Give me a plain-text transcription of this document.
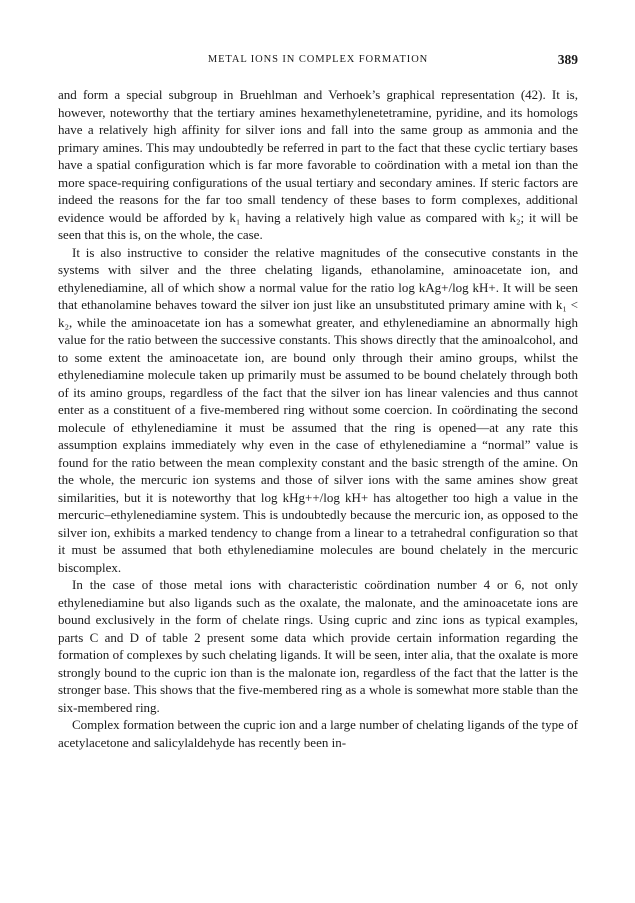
METAL IONS IN COMPLEX FORMATION	389

and form a special subgroup in Bruehlman and Verhoek’s graphical representation (42). It is, however, noteworthy that the tertiary amines hexamethylenetetramine, pyridine, and its homologs have a relatively high affinity for silver ions and fall into the same group as ammonia and the primary amines. This may undoubtedly be referred in part to the fact that these cyclic tertiary bases have a spatial configuration which is far more favorable to coördination with a metal ion than the more space-requiring configurations of the usual tertiary and secondary amines. If steric factors are indeed the reasons for the far too small tendency of these bases to form complexes, additional evidence would be afforded by k₁ having a relatively high value as compared with k₂; it will be seen that this is, on the whole, the case.

It is also instructive to consider the relative magnitudes of the consecutive constants in the systems with silver and the three chelating ligands, ethanolamine, aminoacetate ion, and ethylenediamine, all of which show a normal value for the ratio log kAg+/log kH+. It will be seen that ethanolamine behaves toward the silver ion just like an unsubstituted primary amine with k₁ < k₂, while the aminoacetate ion has a somewhat greater, and ethylenediamine an abnormally high value for the ratio between the successive constants. This shows directly that the aminoalcohol, and to some extent the aminoacetate ion, are bound only through their amino groups, whilst the ethylenediamine molecule taken up primarily must be assumed to be bound chelately through both of its amino groups, regardless of the fact that the silver ion has linear valencies and thus cannot enter as a constituent of a five-membered ring without some coercion. In coördinating the second molecule of ethylenediamine it must be assumed that the ring is opened—at any rate this assumption explains immediately why even in the case of ethylenediamine a “normal” value is found for the ratio between the mean complexity constant and the basic strength of the amine. On the whole, the mercuric ion systems and those of silver ions with the same amines show great similarities, but it is noteworthy that log kHg++/log kH+ has altogether too high a value in the mercuric–ethylenediamine system. This is undoubtedly because the mercuric ion, as opposed to the silver ion, exhibits a marked tendency to change from a linear to a tetrahedral configuration so that it must be assumed that both ethylenediamine molecules are bound chelately in the mercuric biscomplex.

In the case of those metal ions with characteristic coördination number 4 or 6, not only ethylenediamine but also ligands such as the oxalate, the malonate, and the aminoacetate ions are bound exclusively in the form of chelate rings. Using cupric and zinc ions as typical examples, parts C and D of table 2 present some data which provide certain information regarding the formation of complexes by such chelating ligands. It will be seen, inter alia, that the oxalate is more strongly bound to the cupric ion than is the malonate ion, regardless of the fact that the latter is the stronger base. This shows that the five-membered ring as a whole is somewhat more stable than the six-membered ring.

Complex formation between the cupric ion and a large number of chelating ligands of the type of acetylacetone and salicylaldehyde has recently been in-
